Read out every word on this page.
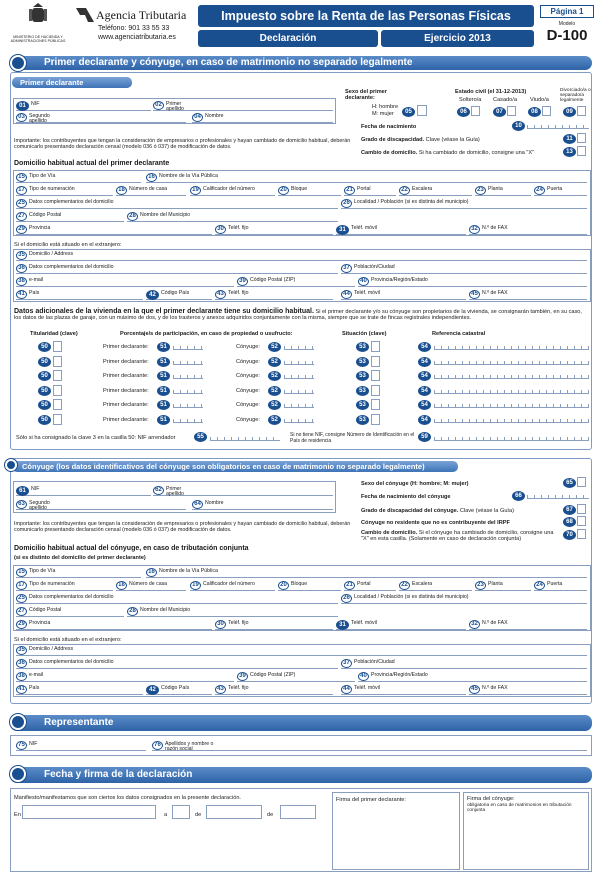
MINISTERIO DE HACIENDA Y ADMINISTRACIONES PÚBLICAS
Agencia Tributaria
Teléfono: 901 33 55 33
www.agenciatributaria.es
Impuesto sobre la Renta de las Personas Físicas
Declaración	Ejercicio 2013
Página 1
Modelo
D-100
Primer declarante y cónyuge, en caso de matrimonio no separado legalmente
Primer declarante
01 NIF	02 Primer apellido
03 Segundo apellido
04 Nombre
Sexo del primer declarante:
H: hombre
M: mujer	05
Estado civil (el 31-12-2013)
Soltero/a Casado/a Viudo/a
Divorciado/a o separado/a legalmente
06	07	08	09
Fecha de nacimiento	10
Grado de discapacidad. Clave (véase la Guía)	11
Cambio de domicilio. Si ha cambiado de domicilio, consigne una "X"	13
Importante: los contribuyentes que tengan la consideración de empresarios o profesionales y hayan cambiado de domicilio habitual, deberán comunicarlo presentando declaración censal (modelo 036 ó 037) de modificación de datos.
Domicilio habitual actual del primer declarante
15 Tipo de Vía	16 Nombre de la Vía Pública
17 Tipo de numeración	18 Número de casa	19 Calificador del número	20 Bloque	21 Portal	22 Escalera	23 Planta	24 Puerta
25 Datos complementarios del domicilio	26 Localidad / Población (si es distinta del municipio)
27 Código Postal	28 Nombre del Municipio
29 Provincia	30 Teléf. fijo	31 Teléf. móvil	32 N.º de FAX
Si el domicilio está situado en el extranjero:
35 Domicilio / Address
36 Datos complementarios del domicilio	37 Población/Ciudad
38 e-mail	39 Código Postal (ZIP)	40 Provincia/Región/Estado
41 País	42 Código País	43 Teléf. fijo	44 Teléf. móvil	45 N.º de FAX
Datos adicionales de la vivienda en la que el primer declarante tiene su domicilio habitual. Si el primer declarante y/o su cónyuge son propietarios de la vivienda, se consignarán también, en su caso, los datos de las plazas de garaje, con un máximo de dos, y de los trasteros y anexos adquiridos conjuntamente con la misma, siempre que se trate de fincas registrales independientes.
Titularidad (clave)	Porcentaje/s de participación, en caso de propiedad o usufructo:	Situación (clave)	Referencia catastral
50	Primer declarante:	51	Cónyuge:	52	53	54
50	Primer declarante:	51	Cónyuge:	52	53	54
50	Primer declarante:	51	Cónyuge:	52	53	54
50	Primer declarante:	51	Cónyuge:	52	53	54
50	Primer declarante:	51	Cónyuge:	52	53	54
50	Primer declarante:	51	Cónyuge:	52	53	54
Sólo si ha consignado la clave 3 en la casilla 50: NIF arrendador	55	Si no tiene NIF, consigne Número de Identificación en el País de residencia
59
Cónyuge (los datos identificativos del cónyuge son obligatorios en caso de matrimonio no separado legalmente)
61 NIF	62 Primer apellido
63 Segundo apellido
64 Nombre
Sexo del cónyuge (H: hombre; M: mujer)	65
Fecha de nacimiento del cónyuge	66
Grado de discapacidad del cónyuge. Clave (véase la Guía)	67
Cónyuge no residente que no es contribuyente del IRPF	68
Cambio de domicilio. Si el cónyuge ha cambiado de domicilio, consigne una "X" en esta casilla. (Solamente en caso de declaración conjunta)
70
Importante: los contribuyentes que tengan la consideración de empresarios o profesionales y hayan cambiado de domicilio habitual, deberán comunicarlo presentando declaración censal (modelo 036 ó 037) de modificación de datos.
Domicilio habitual actual del cónyuge, en caso de tributación conjunta
(si es distinto del domicilio del primer declarante)
15 Tipo de Vía	16 Nombre de la Vía Pública
17 Tipo de numeración	18 Número de casa	19 Calificador del número	20 Bloque	21 Portal	22 Escalera	23 Planta	24 Puerta
25 Datos complementarios del domicilio	26 Localidad / Población (si es distinta del municipio)
27 Código Postal	28 Nombre del Municipio
29 Provincia	30 Teléf. fijo	31 Teléf. móvil	32 N.º de FAX
Si el domicilio está situado en el extranjero:
35 Domicilio / Address
36 Datos complementarios del domicilio	37 Población/Ciudad
38 e-mail	39 Código Postal (ZIP)	40 Provincia/Región/Estado
41 País	42 Código País	43 Teléf. fijo	44 Teléf. móvil	45 N.º de FAX
Representante
75 NIF	76 Apellidos y nombre o razón social
Fecha y firma de la declaración
Manifiesto/manifestamos que son ciertos los datos consignados en la presente declaración.
En	a	de	de
Firma del primer declarante:	Firma del cónyuge:
obligatoria en caso de matrimonios en tributación conjunta
